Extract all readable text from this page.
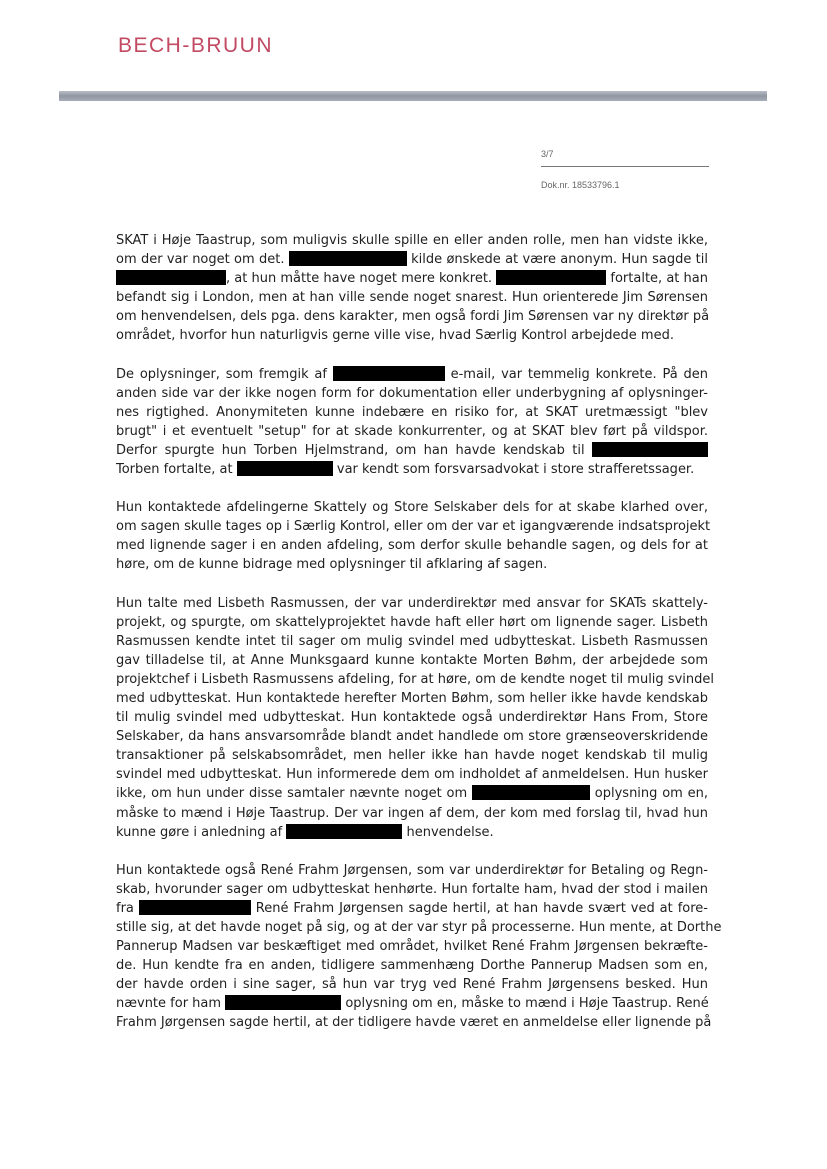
BECH-BRUUN
3/7
Dok.nr. 18533796.1

SKAT i Høje Taastrup, som muligvis skulle spille en eller anden rolle, men han vidste ikke,
om der var noget om det.	kilde ønskede at være anonym. Hun sagde til
, at hun måtte have noget mere konkret.	fortalte, at han
befandt sig i London, men at han ville sende noget snarest. Hun orienterede Jim Sørensen
om henvendelsen, dels pga. dens karakter, men også fordi Jim Sørensen var ny direktør på
området, hvorfor hun naturligvis gerne ville vise, hvad Særlig Kontrol arbejdede med.

De oplysninger, som fremgik af	e-mail, var temmelig konkrete. På den
anden side var der ikke nogen form for dokumentation eller underbygning af oplysninger-
nes rigtighed. Anonymiteten kunne indebære en risiko for, at SKAT uretmæssigt "blev
brugt" i et eventuelt "setup" for at skade konkurrenter, og at SKAT blev ført på vildspor.
Derfor spurgte hun Torben Hjelmstrand, om han havde kendskab til
Torben fortalte, at	var kendt som forsvarsadvokat i store strafferetssager.

Hun kontaktede afdelingerne Skattely og Store Selskaber dels for at skabe klarhed over,
om sagen skulle tages op i Særlig Kontrol, eller om der var et igangværende indsatsprojekt
med lignende sager i en anden afdeling, som derfor skulle behandle sagen, og dels for at
høre, om de kunne bidrage med oplysninger til afklaring af sagen.

Hun talte med Lisbeth Rasmussen, der var underdirektør med ansvar for SKATs skattely-
projekt, og spurgte, om skattelyprojektet havde haft eller hørt om lignende sager. Lisbeth
Rasmussen kendte intet til sager om mulig svindel med udbytteskat. Lisbeth Rasmussen
gav tilladelse til, at Anne Munksgaard kunne kontakte Morten Bøhm, der arbejdede som
projektchef i Lisbeth Rasmussens afdeling, for at høre, om de kendte noget til mulig svindel
med udbytteskat. Hun kontaktede herefter Morten Bøhm, som heller ikke havde kendskab
til mulig svindel med udbytteskat. Hun kontaktede også underdirektør Hans From, Store
Selskaber, da hans ansvarsområde blandt andet handlede om store grænseoverskridende
transaktioner på selskabsområdet, men heller ikke han havde noget kendskab til mulig
svindel med udbytteskat. Hun informerede dem om indholdet af anmeldelsen. Hun husker
ikke, om hun under disse samtaler nævnte noget om	oplysning om en,
måske to mænd i Høje Taastrup. Der var ingen af dem, der kom med forslag til, hvad hun
kunne gøre i anledning af	henvendelse.

Hun kontaktede også René Frahm Jørgensen, som var underdirektør for Betaling og Regn-
skab, hvorunder sager om udbytteskat henhørte. Hun fortalte ham, hvad der stod i mailen
fra	René Frahm Jørgensen sagde hertil, at han havde svært ved at fore-
stille sig, at det havde noget på sig, og at der var styr på processerne. Hun mente, at Dorthe
Pannerup Madsen var beskæftiget med området, hvilket René Frahm Jørgensen bekræfte-
de. Hun kendte fra en anden, tidligere sammenhæng Dorthe Pannerup Madsen som en,
der havde orden i sine sager, så hun var tryg ved René Frahm Jørgensens besked. Hun
nævnte for ham	oplysning om en, måske to mænd i Høje Taastrup. René
Frahm Jørgensen sagde hertil, at der tidligere havde været en anmeldelse eller lignende på
